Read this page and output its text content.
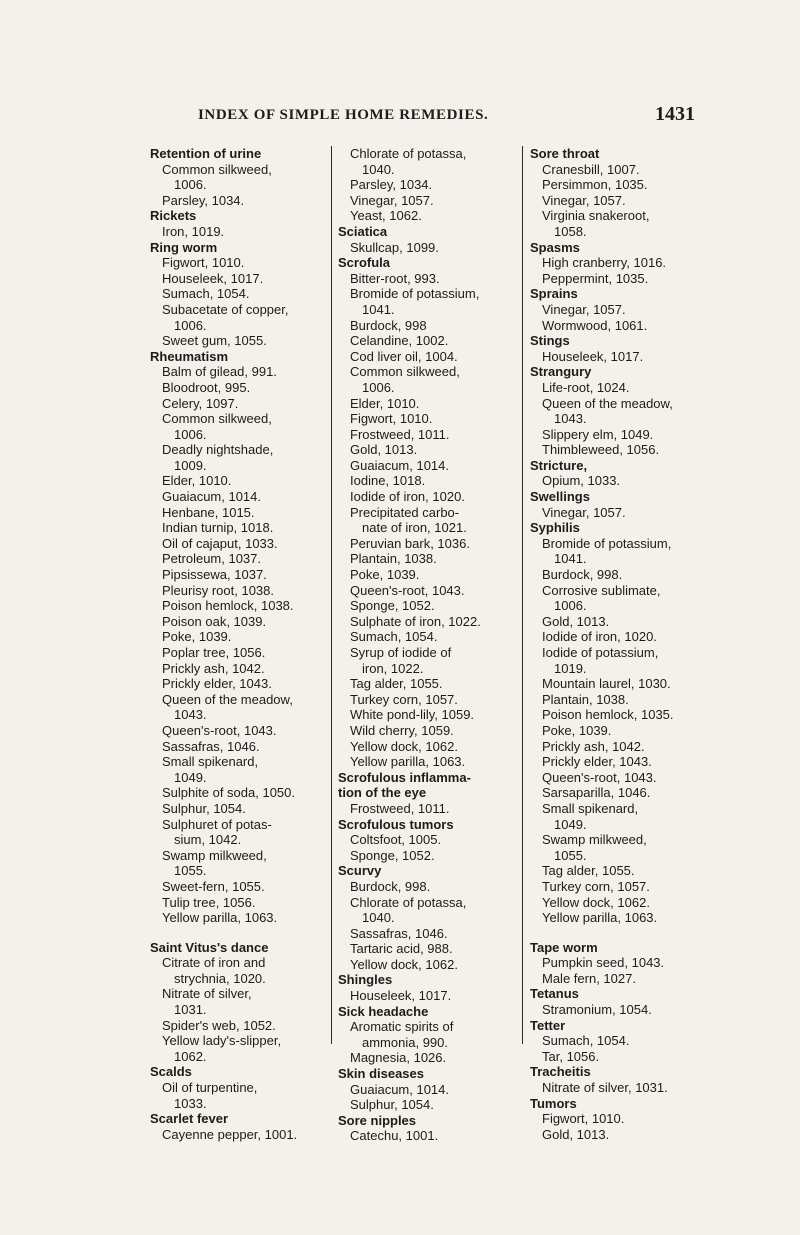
INDEX OF SIMPLE HOME REMEDIES.	1431
Retention of urine
Common silkweed,
1006.
Parsley, 1034.
Rickets
Iron, 1019.
Ring worm
Figwort, 1010.
Houseleek, 1017.
Sumach, 1054.
Subacetate of copper,
1006.
Sweet gum, 1055.
Rheumatism
Balm of gilead, 991.
Bloodroot, 995.
Celery, 1097.
Common silkweed,
1006.
Deadly nightshade,
1009.
Elder, 1010.
Guaiacum, 1014.
Henbane, 1015.
Indian turnip, 1018.
Oil of cajaput, 1033.
Petroleum, 1037.
Pipsissewa, 1037.
Pleurisy root, 1038.
Poison hemlock, 1038.
Poison oak, 1039.
Poke, 1039.
Poplar tree, 1056.
Prickly ash, 1042.
Prickly elder, 1043.
Queen of the meadow,
1043.
Queen's-root, 1043.
Sassafras, 1046.
Small spikenard,
1049.
Sulphite of soda, 1050.
Sulphur, 1054.
Sulphuret of potas-
sium, 1042.
Swamp milkweed,
1055.
Sweet-fern, 1055.
Tulip tree, 1056.
Yellow parilla, 1063.
Saint Vitus's dance
Citrate of iron and
strychnia, 1020.
Nitrate of silver,
1031.
Spider's web, 1052.
Yellow lady's-slipper,
1062.
Scalds
Oil of turpentine,
1033.
Scarlet fever
Cayenne pepper, 1001.
Chlorate of potassa,
1040.
Parsley, 1034.
Vinegar, 1057.
Yeast, 1062.
Sciatica
Skullcap, 1099.
Scrofula
Bitter-root, 993.
Bromide of potassium,
1041.
Burdock, 998
Celandine, 1002.
Cod liver oil, 1004.
Common silkweed,
1006.
Elder, 1010.
Figwort, 1010.
Frostweed, 1011.
Gold, 1013.
Guaiacum, 1014.
Iodine, 1018.
Iodide of iron, 1020.
Precipitated carbo-
nate of iron, 1021.
Peruvian bark, 1036.
Plantain, 1038.
Poke, 1039.
Queen's-root, 1043.
Sponge, 1052.
Sulphate of iron, 1022.
Sumach, 1054.
Syrup of iodide of
iron, 1022.
Tag alder, 1055.
Turkey corn, 1057.
White pond-lily, 1059.
Wild cherry, 1059.
Yellow dock, 1062.
Yellow parilla, 1063.
Scrofulous inflamma-
tion of the eye
Frostweed, 1011.
Scrofulous tumors
Coltsfoot, 1005.
Sponge, 1052.
Scurvy
Burdock, 998.
Chlorate of potassa,
1040.
Sassafras, 1046.
Tartaric acid, 988.
Yellow dock, 1062.
Shingles
Houseleek, 1017.
Sick headache
Aromatic spirits of
ammonia, 990.
Magnesia, 1026.
Skin diseases
Guaiacum, 1014.
Sulphur, 1054.
Sore nipples
Catechu, 1001.
Sore throat
Cranesbill, 1007.
Persimmon, 1035.
Vinegar, 1057.
Virginia snakeroot,
1058.
Spasms
High cranberry, 1016.
Peppermint, 1035.
Sprains
Vinegar, 1057.
Wormwood, 1061.
Stings
Houseleek, 1017.
Strangury
Life-root, 1024.
Queen of the meadow,
1043.
Slippery elm, 1049.
Thimbleweed, 1056.
Stricture,
Opium, 1033.
Swellings
Vinegar, 1057.
Syphilis
Bromide of potassium,
1041.
Burdock, 998.
Corrosive sublimate,
1006.
Gold, 1013.
Iodide of iron, 1020.
Iodide of potassium,
1019.
Mountain laurel, 1030.
Plantain, 1038.
Poison hemlock, 1035.
Poke, 1039.
Prickly ash, 1042.
Prickly elder, 1043.
Queen's-root, 1043.
Sarsaparilla, 1046.
Small spikenard,
1049.
Swamp milkweed,
1055.
Tag alder, 1055.
Turkey corn, 1057.
Yellow dock, 1062.
Yellow parilla, 1063.
Tape worm
Pumpkin seed, 1043.
Male fern, 1027.
Tetanus
Stramonium, 1054.
Tetter
Sumach, 1054.
Tar, 1056.
Tracheitis
Nitrate of silver, 1031.
Tumors
Figwort, 1010.
Gold, 1013.
